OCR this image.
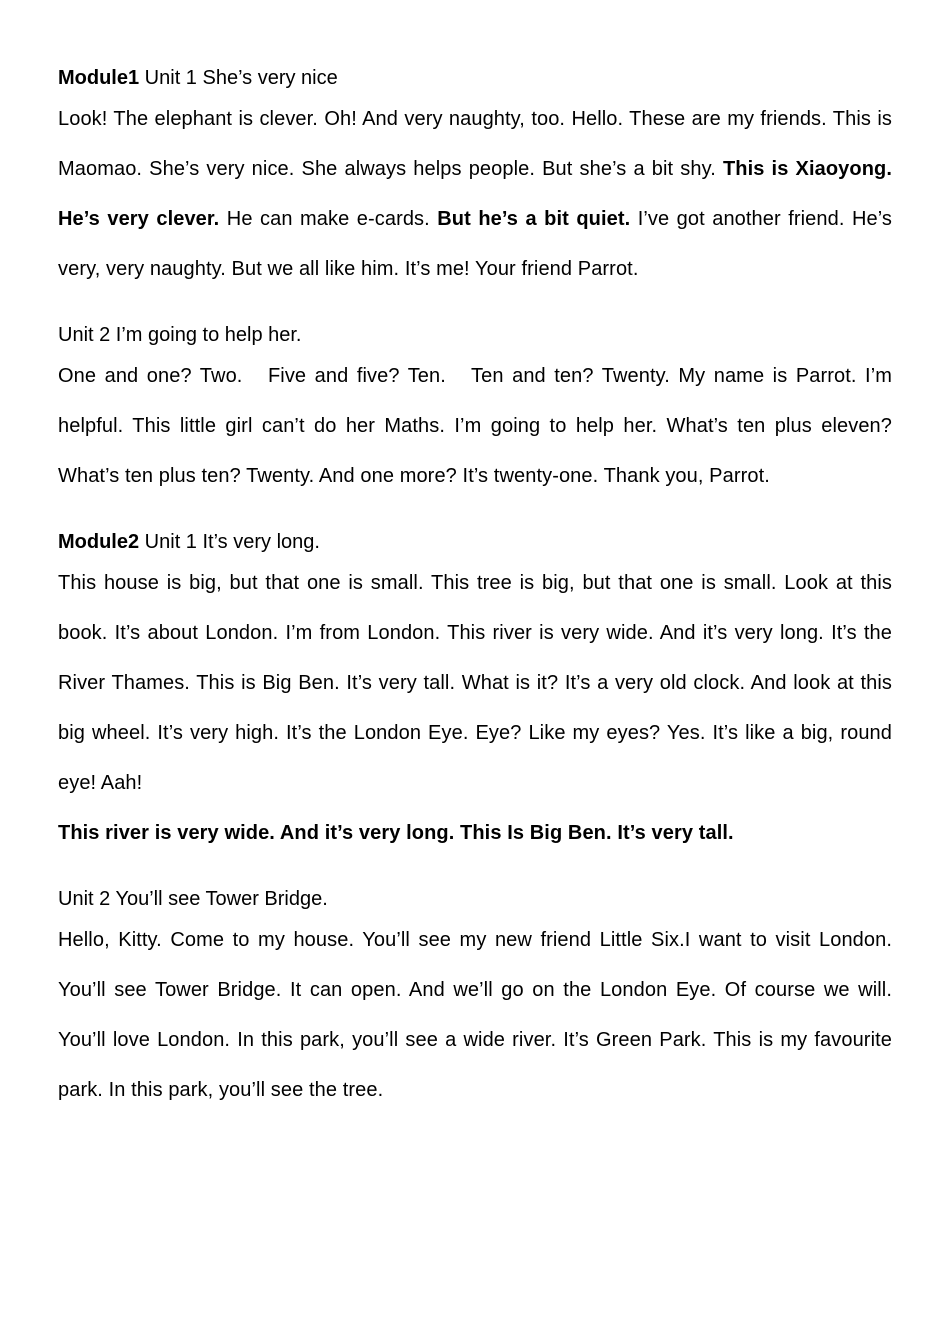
Module1 Unit 1 She’s very nice

Look! The elephant is clever. Oh! And very naughty, too. Hello. These are my friends. This is Maomao. She’s very nice. She always helps people. But she’s a bit shy. This is Xiaoyong. He’s very clever. He can make e-cards. But he’s a bit quiet. I’ve got another friend. He’s very, very naughty. But we all like him. It’s me! Your friend Parrot.

Unit 2 I’m going to help her.

One and one? Two.   Five and five? Ten.   Ten and ten? Twenty. My name is Parrot. I’m helpful. This little girl can’t do her Maths. I’m going to help her. What’s ten plus eleven? What’s ten plus ten? Twenty. And one more? It’s twenty-one. Thank you, Parrot.

Module2 Unit 1 It’s very long.

This house is big, but that one is small. This tree is big, but that one is small. Look at this book. It’s about London. I’m from London. This river is very wide. And it’s very long. It’s the River Thames. This is Big Ben. It’s very tall. What is it? It’s a very old clock. And look at this big wheel. It’s very high. It’s the London Eye. Eye? Like my eyes? Yes. It’s like a big, round eye! Aah!

This river is very wide. And it’s very long. This Is Big Ben. It’s very tall.

Unit 2 You’ll see Tower Bridge.

Hello, Kitty. Come to my house. You’ll see my new friend Little Six.I want to visit London. You’ll see Tower Bridge. It can open. And we’ll go on the London Eye. Of course we will. You’ll love London. In this park, you’ll see a wide river. It’s Green Park. This is my favourite park. In this park, you’ll see the tree.
